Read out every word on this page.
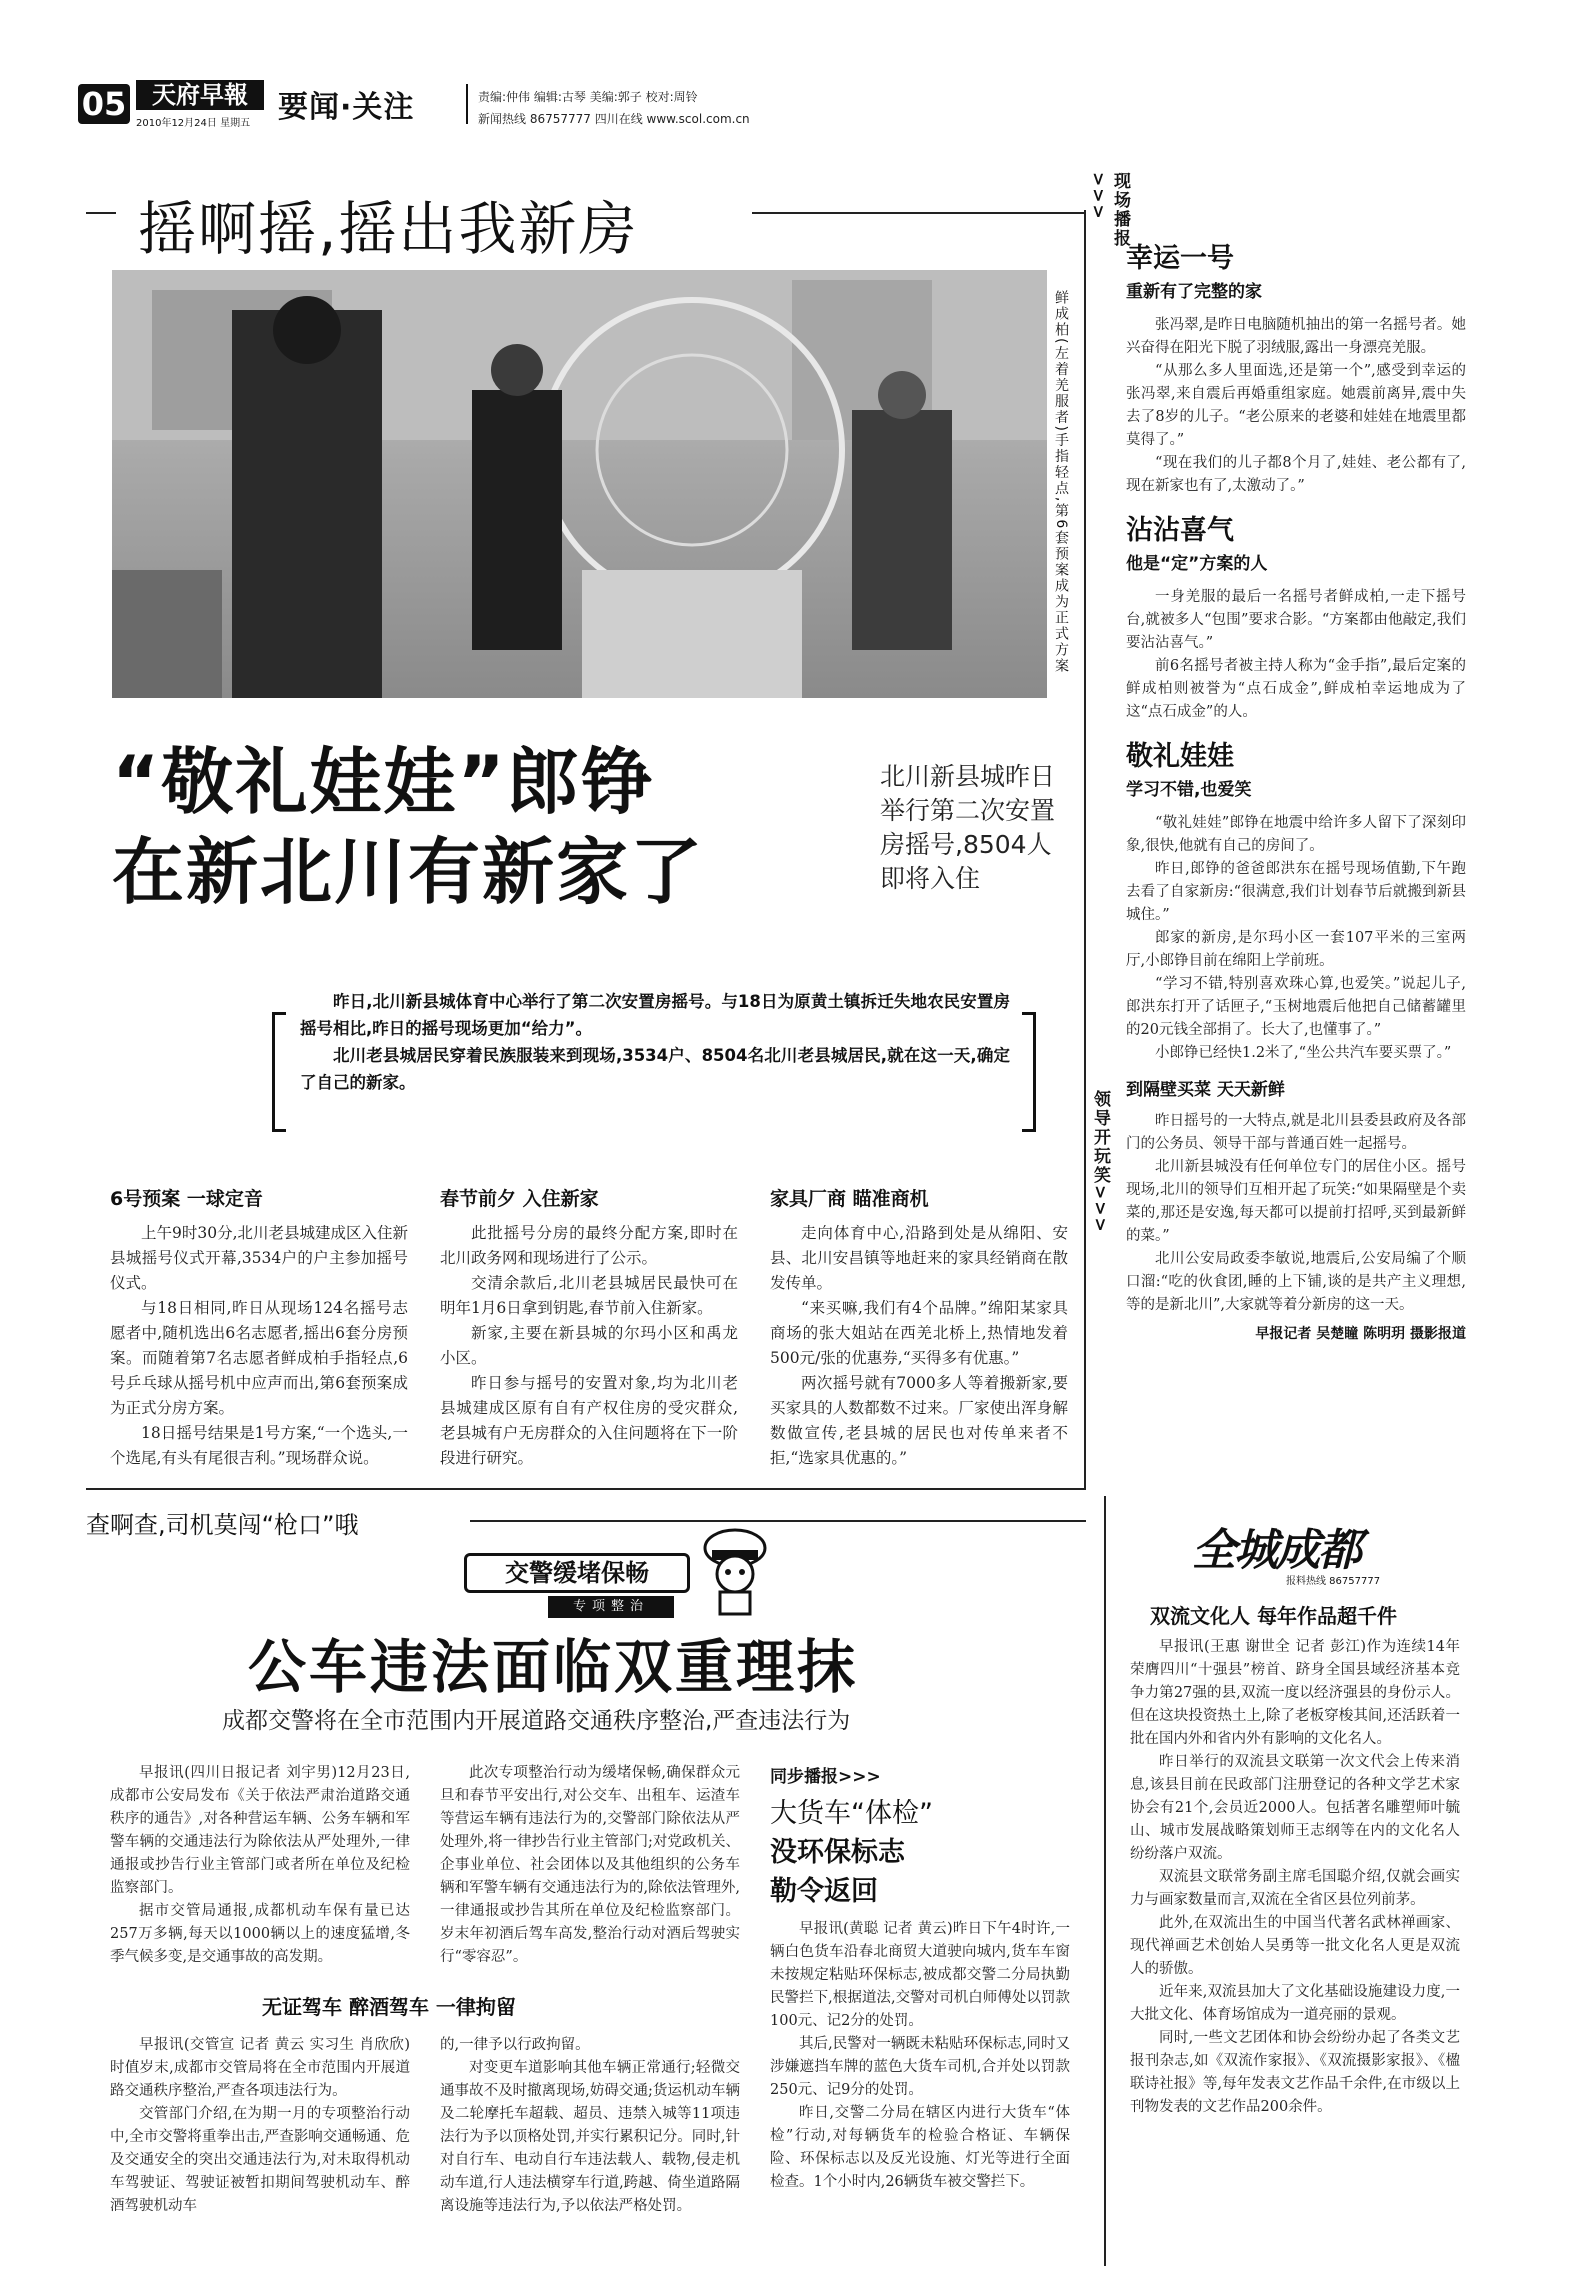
05	天府早報
2010年12月24日 星期五 要闻·关注	责编:仲伟 编辑:古琴 美编:郭子 校对:周铃
新闻热线 86757777 四川在线 www.scol.com.cn
摇啊摇,摇出我新房
鲜成柏(左着羌服者)手指轻点,第6套预案成为正式方案
“敬礼娃娃”郎铮
在新北川有新家了
北川新县城昨日举行第二次安置房摇号,8504人即将入住

昨日,北川新县城体育中心举行了第二次安置房摇号。与18日为原黄土镇拆迁失地农民安置房摇号相比,昨日的摇号现场更加“给力”。

北川老县城居民穿着民族服装来到现场,3534户、8504名北川老县城居民,就在这一天,确定了自己的新家。

6号预案 一球定音

上午9时30分,北川老县城建成区入住新县城摇号仪式开幕,3534户的户主参加摇号仪式。

与18日相同,昨日从现场124名摇号志愿者中,随机选出6名志愿者,摇出6套分房预案。而随着第7名志愿者鲜成柏手指轻点,6号乒乓球从摇号机中应声而出,第6套预案成为正式分房方案。

18日摇号结果是1号方案,“一个选头,一个选尾,有头有尾很吉利。”现场群众说。

春节前夕 入住新家

此批摇号分房的最终分配方案,即时在北川政务网和现场进行了公示。

交清余款后,北川老县城居民最快可在明年1月6日拿到钥匙,春节前入住新家。

新家,主要在新县城的尔玛小区和禹龙小区。

昨日参与摇号的安置对象,均为北川老县城建成区原有自有产权住房的受灾群众,老县城有户无房群众的入住问题将在下一阶段进行研究。

家具厂商 瞄准商机

走向体育中心,沿路到处是从绵阳、安县、北川安昌镇等地赶来的家具经销商在散发传单。

“来买嘛,我们有4个品牌。”绵阳某家具商场的张大姐站在西羌北桥上,热情地发着500元/张的优惠券,“买得多有优惠。”

两次摇号就有7000多人等着搬新家,要买家具的人数都数不过来。厂家使出浑身解数做宣传,老县城的居民也对传单来者不拒,“选家具优惠的。”

现场播报>>>
领导开玩笑>>>
幸运一号
重新有了完整的家

张冯翠,是昨日电脑随机抽出的第一名摇号者。她兴奋得在阳光下脱了羽绒服,露出一身漂亮羌服。

“从那么多人里面选,还是第一个”,感受到幸运的张冯翠,来自震后再婚重组家庭。她震前离异,震中失去了8岁的儿子。“老公原来的老婆和娃娃在地震里都莫得了。”

“现在我们的儿子都8个月了,娃娃、老公都有了,现在新家也有了,太激动了。”

沾沾喜气
他是“定”方案的人

一身羌服的最后一名摇号者鲜成柏,一走下摇号台,就被多人“包围”要求合影。“方案都由他敲定,我们要沾沾喜气。”

前6名摇号者被主持人称为“金手指”,最后定案的鲜成柏则被誉为“点石成金”,鲜成柏幸运地成为了这“点石成金”的人。

敬礼娃娃
学习不错,也爱笑

“敬礼娃娃”郎铮在地震中给许多人留下了深刻印象,很快,他就有自己的房间了。

昨日,郎铮的爸爸郎洪东在摇号现场值勤,下午跑去看了自家新房:“很满意,我们计划春节后就搬到新县城住。”

郎家的新房,是尔玛小区一套107平米的三室两厅,小郎铮目前在绵阳上学前班。

“学习不错,特别喜欢珠心算,也爱笑。”说起儿子,郎洪东打开了话匣子,“玉树地震后他把自己储蓄罐里的20元钱全部捐了。长大了,也懂事了。”

小郎铮已经快1.2米了,“坐公共汽车要买票了。”

到隔壁买菜 天天新鲜

昨日摇号的一大特点,就是北川县委县政府及各部门的公务员、领导干部与普通百姓一起摇号。

北川新县城没有任何单位专门的居住小区。摇号现场,北川的领导们互相开起了玩笑:“如果隔壁是个卖菜的,那还是安逸,每天都可以提前打招呼,买到最新鲜的菜。”

北川公安局政委李敏说,地震后,公安局编了个顺口溜:“吃的伙食团,睡的上下铺,谈的是共产主义理想,等的是新北川”,大家就等着分新房的这一天。

早报记者 吴楚瞳 陈明玥 摄影报道
查啊查,司机莫闯“枪口”哦
交警缓堵保畅
专项整治
公车违法面临双重理抹
成都交警将在全市范围内开展道路交通秩序整治,严查违法行为

早报讯(四川日报记者 刘宇男)12月23日,成都市公安局发布《关于依法严肃治道路交通秩序的通告》,对各种营运车辆、公务车辆和军警车辆的交通违法行为除依法从严处理外,一律通报或抄告行业主管部门或者所在单位及纪检监察部门。

据市交管局通报,成都机动车保有量已达257万多辆,每天以1000辆以上的速度猛增,冬季气候多变,是交通事故的高发期。

此次专项整治行动为缓堵保畅,确保群众元旦和春节平安出行,对公交车、出租车、运渣车等营运车辆有违法行为的,交警部门除依法从严处理外,将一律抄告行业主管部门;对党政机关、企事业单位、社会团体以及其他组织的公务车辆和军警车辆有交通违法行为的,除依法管理外,一律通报或抄告其所在单位及纪检监察部门。岁末年初酒后驾车高发,整治行动对酒后驾驶实行“零容忍”。

无证驾车 醉酒驾车 一律拘留

早报讯(交管宣 记者 黄云 实习生 肖欣欣)时值岁末,成都市交管局将在全市范围内开展道路交通秩序整治,严查各项违法行为。

交管部门介绍,在为期一月的专项整治行动中,全市交警将重拳出击,严查影响交通畅通、危及交通安全的突出交通违法行为,对未取得机动车驾驶证、驾驶证被暂扣期间驾驶机动车、醉酒驾驶机动车

的,一律予以行政拘留。

对变更车道影响其他车辆正常通行;轻微交通事故不及时撤离现场,妨碍交通;货运机动车辆及二轮摩托车超载、超员、违禁入城等11项违法行为予以顶格处罚,并实行累积记分。同时,针对自行车、电动自行车违法载人、载物,侵走机动车道,行人违法横穿车行道,跨越、倚坐道路隔离设施等违法行为,予以依法严格处罚。

同步播报>>>
大货车“体检”
没环保标志
勒令返回

早报讯(黄聪 记者 黄云)昨日下午4时许,一辆白色货车沿春北商贸大道驶向城内,货车车窗未按规定粘贴环保标志,被成都交警二分局执勤民警拦下,根据道法,交警对司机白师傅处以罚款100元、记2分的处罚。

其后,民警对一辆既未粘贴环保标志,同时又涉嫌遮挡车牌的蓝色大货车司机,合并处以罚款250元、记9分的处罚。

昨日,交警二分局在辖区内进行大货车“体检”行动,对每辆货车的检验合格证、车辆保险、环保标志以及反光设施、灯光等进行全面检查。1个小时内,26辆货车被交警拦下。

全城成都
报料热线 86757777
双流文化人 每年作品超千件

早报讯(王惠 谢世全 记者 彭江)作为连续14年荣膺四川“十强县”榜首、跻身全国县域经济基本竞争力第27强的县,双流一度以经济强县的身份示人。但在这块投资热土上,除了老板穿梭其间,还活跃着一批在国内外和省内外有影响的文化名人。

昨日举行的双流县文联第一次文代会上传来消息,该县目前在民政部门注册登记的各种文学艺术家协会有21个,会员近2000人。包括著名雕塑师叶毓山、城市发展战略策划师王志纲等在内的文化名人纷纷落户双流。

双流县文联常务副主席毛国聪介绍,仅就会画实力与画家数量而言,双流在全省区县位列前茅。

此外,在双流出生的中国当代著名武林禅画家、现代禅画艺术创始人吴勇等一批文化名人更是双流人的骄傲。

近年来,双流县加大了文化基础设施建设力度,一大批文化、体育场馆成为一道亮丽的景观。

同时,一些文艺团体和协会纷纷办起了各类文艺报刊杂志,如《双流作家报》、《双流摄影家报》、《楹联诗社报》等,每年发表文艺作品千余件,在市级以上刊物发表的文艺作品200余件。
